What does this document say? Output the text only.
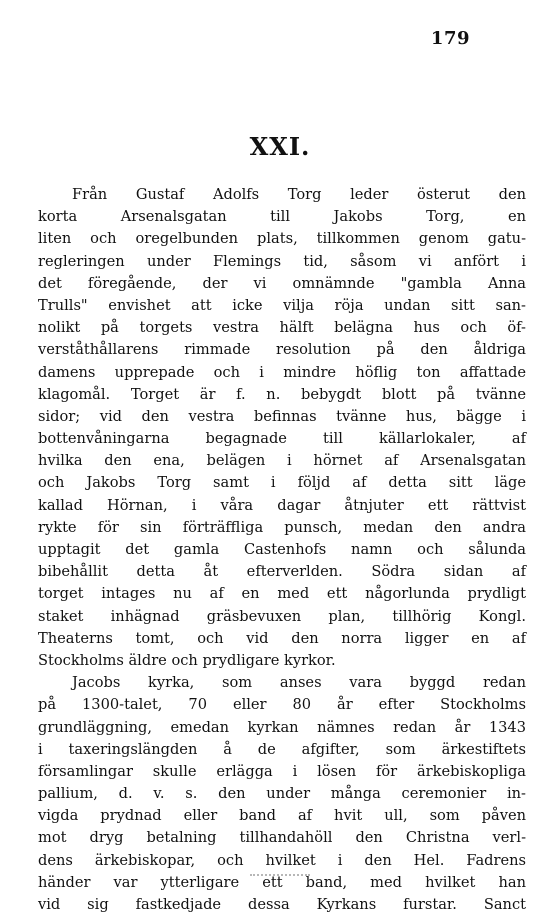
179
XXI.
Från Gustaf Adolfs Torg leder österut den
korta Arsenalsgatan till Jakobs Torg, en
liten och oregelbunden plats, tillkommen genom gatu-
regleringen under Flemings tid, såsom vi anfört i
det föregående, der vi omnämnde "gambla Anna
Trulls" envishet att icke vilja röja undan sitt san-
nolikt på torgets vestra hälft belägna hus och öf-
verståthållarens rimmade resolution på den åldriga
damens upprepade och i mindre höflig ton affattade
klagomål. Torget är f. n. bebygdt blott på tvänne
sidor; vid den vestra befinnas tvänne hus, bägge i
bottenvåningarna begagnade till källarlokaler, af
hvilka den ena, belägen i hörnet af Arsenalsgatan
och Jakobs Torg samt i följd af detta sitt läge
kallad Hörnan, i våra dagar åtnjuter ett rättvist
rykte för sin förträffliga punsch, medan den andra
upptagit det gamla Castenhofs namn och sålunda
bibehållit detta åt efterverlden. Södra sidan af
torget intages nu af en med ett någorlunda prydligt
staket inhägnad gräsbevuxen plan, tillhörig Kongl.
Theaterns tomt, och vid den norra ligger en af
Stockholms äldre och prydligare kyrkor.
Jacobs kyrka, som anses vara byggd redan
på 1300-talet, 70 eller 80 år efter Stockholms
grundläggning, emedan kyrkan nämnes redan år 1343
i taxeringslängden å de afgifter, som ärkestiftets
församlingar skulle erlägga i lösen för ärkebiskopliga
pallium, d. v. s. den under många ceremonier in-
vigda prydnad eller band af hvit ull, som påven
mot dryg betalning tillhandahöll den Christna verl-
dens ärkebiskopar, och hvilket i den Hel. Fadrens
händer var ytterligare ett band, med hvilket han
vid sig fastkedjade dessa Kyrkans furstar. Sanct
